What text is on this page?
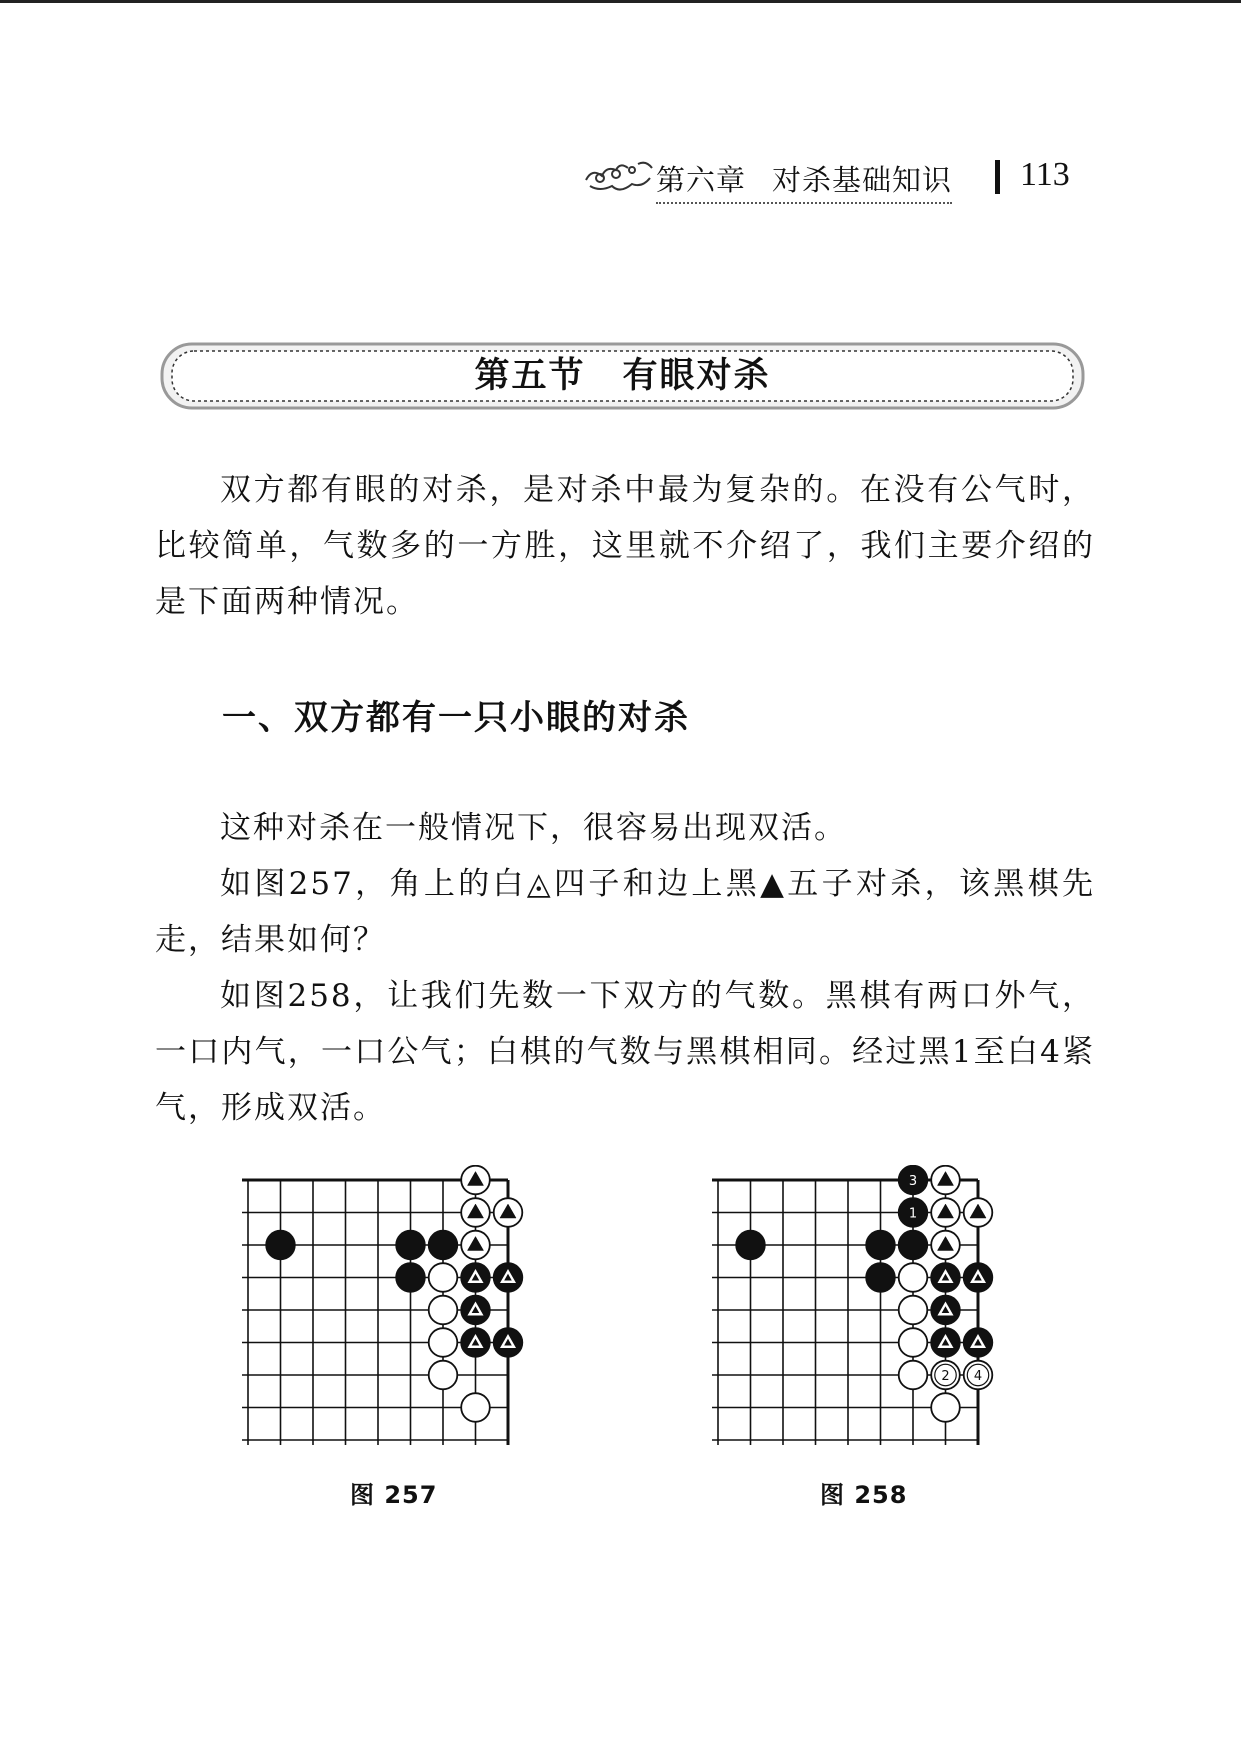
第六章 对杀基础知识 113
第五节　有眼对杀

双方都有眼的对杀，是对杀中最为复杂的。在没有公气时，比较简单，气数多的一方胜，这里就不介绍了，我们主要介绍的是下面两种情况。

一、双方都有一只小眼的对杀

这种对杀在一般情况下，很容易出现双活。

如图257，角上的白◬四子和边上黑▲五子对杀，该黑棋先走，结果如何？

如图258，让我们先数一下双方的气数。黑棋有两口外气，一口内气，一口公气；白棋的气数与黑棋相同。经过黑1至白4紧气，形成双活。

图 257
3
1
2 4
图 258
